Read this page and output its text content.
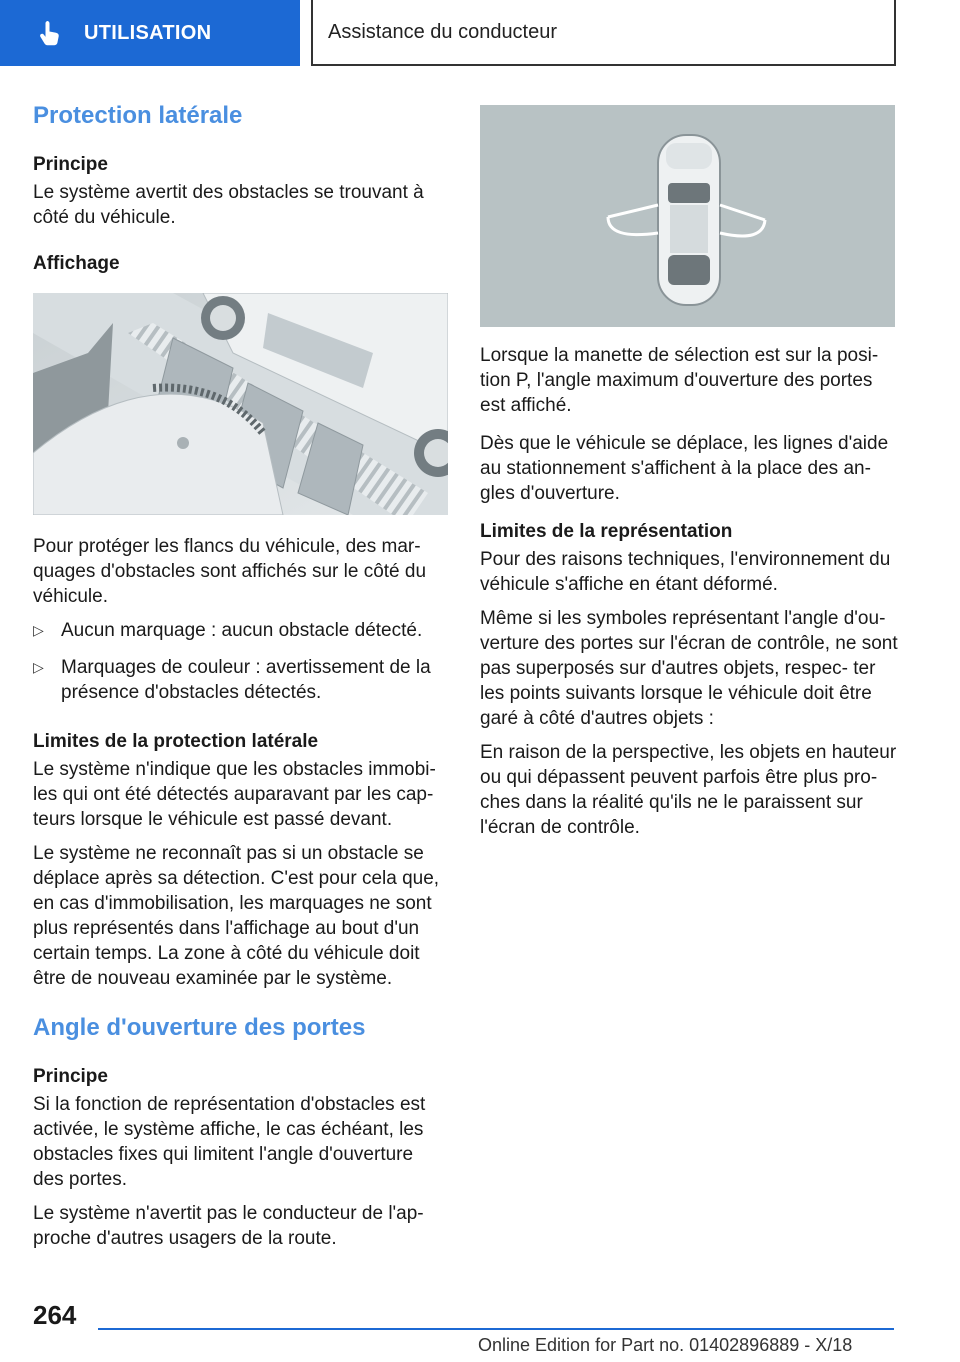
UTILISATION	Assistance du conducteur
Protection latérale
Principe

Le système avertit des obstacles se trouvant à côté du véhicule.

Affichage

Pour protéger les flancs du véhicule, des mar- quages d'obstacles sont affichés sur le côté du véhicule.

▷ Aucun marquage : aucun obstacle détecté.
▷ Marquages de couleur : avertissement de la présence d'obstacles détectés.
Limites de la protection latérale

Le système n'indique que les obstacles immobi- les qui ont été détectés auparavant par les cap- teurs lorsque le véhicule est passé devant.

Le système ne reconnaît pas si un obstacle se déplace après sa détection. C'est pour cela que, en cas d'immobilisation, les marquages ne sont plus représentés dans l'affichage au bout d'un certain temps. La zone à côté du véhicule doit être de nouveau examinée par le système.

Angle d'ouverture des portes
Principe

Si la fonction de représentation d'obstacles est activée, le système affiche, le cas échéant, les obstacles fixes qui limitent l'angle d'ouverture des portes.

Le système n'avertit pas le conducteur de l'ap- proche d'autres usagers de la route.

Lorsque la manette de sélection est sur la posi- tion P, l'angle maximum d'ouverture des portes est affiché.

Dès que le véhicule se déplace, les lignes d'aide au stationnement s'affichent à la place des an- gles d'ouverture.

Limites de la représentation

Pour des raisons techniques, l'environnement du véhicule s'affiche en étant déformé.

Même si les symboles représentant l'angle d'ou- verture des portes sur l'écran de contrôle, ne sont pas superposés sur d'autres objets, respec- ter les points suivants lorsque le véhicule doit être garé à côté d'autres objets :

En raison de la perspective, les objets en hauteur ou qui dépassent peuvent parfois être plus pro- ches dans la réalité qu'ils ne le paraissent sur l'écran de contrôle.

264
Online Edition for Part no. 01402896889 - X/18
